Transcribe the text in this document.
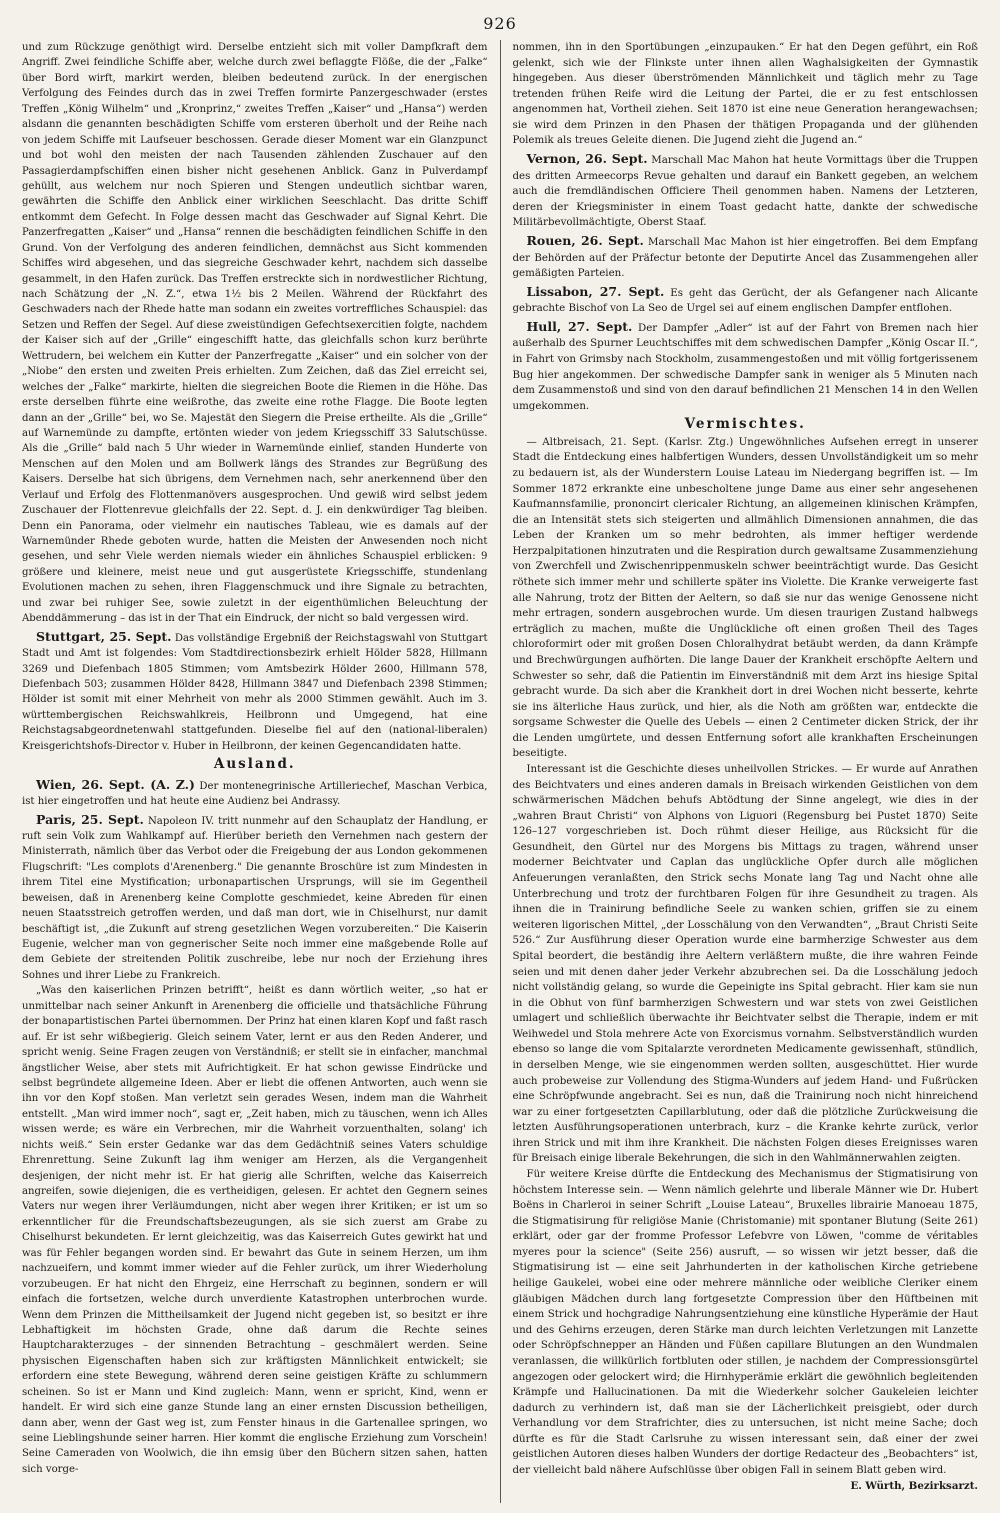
926

und zum Rückzuge genöthigt wird. Derselbe entzieht sich mit voller Dampfkraft dem Angriff. Zwei feindliche Schiffe aber, welche durch zwei beflaggte Flöße, die der „Falke“ über Bord wirft, markirt werden, bleiben bedeutend zurück. In der energischen Verfolgung des Feindes durch das in zwei Treffen formirte Panzergeschwader (erstes Treffen „König Wilhelm“ und „Kronprinz,“ zweites Treffen „Kaiser“ und „Hansa“) werden alsdann die genannten beschädigten Schiffe vom ersteren überholt und der Reihe nach von jedem Schiffe mit Laufseuer beschossen. Gerade dieser Moment war ein Glanzpunct und bot wohl den meisten der nach Tausenden zählenden Zuschauer auf den Passagierdampfschiffen einen bisher nicht gesehenen Anblick. Ganz in Pulverdampf gehüllt, aus welchem nur noch Spieren und Stengen undeutlich sichtbar waren, gewährten die Schiffe den Anblick einer wirklichen Seeschlacht. Das dritte Schiff entkommt dem Gefecht. In Folge dessen macht das Geschwader auf Signal Kehrt. Die Panzerfregatten „Kaiser“ und „Hansa“ rennen die beschädigten feindlichen Schiffe in den Grund. Von der Verfolgung des anderen feindlichen, demnächst aus Sicht kommenden Schiffes wird abgesehen, und das siegreiche Geschwader kehrt, nachdem sich dasselbe gesammelt, in den Hafen zurück. Das Treffen erstreckte sich in nordwestlicher Richtung, nach Schätzung der „N. Z.“, etwa 1½ bis 2 Meilen. Während der Rückfahrt des Geschwaders nach der Rhede hatte man sodann ein zweites vortreffliches Schauspiel: das Setzen und Reffen der Segel. Auf diese zweistündigen Gefechtsexercitien folgte, nachdem der Kaiser sich auf der „Grille“ eingeschifft hatte, das gleichfalls schon kurz berührte Wettrudern, bei welchem ein Kutter der Panzerfregatte „Kaiser“ und ein solcher von der „Niobe“ den ersten und zweiten Preis erhielten. Zum Zeichen, daß das Ziel erreicht sei, welches der „Falke“ markirte, hielten die siegreichen Boote die Riemen in die Höhe. Das erste derselben führte eine weißrothe, das zweite eine rothe Flagge. Die Boote legten dann an der „Grille“ bei, wo Se. Majestät den Siegern die Preise ertheilte. Als die „Grille“ auf Warnemünde zu dampfte, ertönten wieder von jedem Kriegsschiff 33 Salutschüsse. Als die „Grille“ bald nach 5 Uhr wieder in Warnemünde einlief, standen Hunderte von Menschen auf den Molen und am Bollwerk längs des Strandes zur Begrüßung des Kaisers. Derselbe hat sich übrigens, dem Vernehmen nach, sehr anerkennend über den Verlauf und Erfolg des Flottenmanövers ausgesprochen. Und gewiß wird selbst jedem Zuschauer der Flottenrevue gleichfalls der 22. Sept. d. J. ein denkwürdiger Tag bleiben. Denn ein Panorama, oder vielmehr ein nautisches Tableau, wie es damals auf der Warnemünder Rhede geboten wurde, hatten die Meisten der Anwesenden noch nicht gesehen, und sehr Viele werden niemals wieder ein ähnliches Schauspiel erblicken: 9 größere und kleinere, meist neue und gut ausgerüstete Kriegsschiffe, stundenlang Evolutionen machen zu sehen, ihren Flaggenschmuck und ihre Signale zu betrachten, und zwar bei ruhiger See, sowie zuletzt in der eigenthümlichen Beleuchtung der Abenddämmerung – das ist in der That ein Eindruck, der nicht so bald vergessen wird.

Stuttgart, 25. Sept. Das vollständige Ergebniß der Reichstagswahl von Stuttgart Stadt und Amt ist folgendes: Vom Stadtdirectionsbezirk erhielt Hölder 5828, Hillmann 3269 und Diefenbach 1805 Stimmen; vom Amtsbezirk Hölder 2600, Hillmann 578, Diefenbach 503; zusammen Hölder 8428, Hillmann 3847 und Diefenbach 2398 Stimmen; Hölder ist somit mit einer Mehrheit von mehr als 2000 Stimmen gewählt. Auch im 3. württembergischen Reichswahlkreis, Heilbronn und Umgegend, hat eine Reichstagsabgeordnetenwahl stattgefunden. Dieselbe fiel auf den (national-liberalen) Kreisgerichtshofs-Director v. Huber in Heilbronn, der keinen Gegencandidaten hatte.

Ausland.

Wien, 26. Sept. (A. Z.) Der montenegrinische Artilleriechef, Maschan Verbica, ist hier eingetroffen und hat heute eine Audienz bei Andrassy.

Paris, 25. Sept. Napoleon IV. tritt nunmehr auf den Schauplatz der Handlung, er ruft sein Volk zum Wahlkampf auf. Hierüber berieth den Vernehmen nach gestern der Ministerrath, nämlich über das Verbot oder die Freigebung der aus London gekommenen Flugschrift: "Les complots d'Arenenberg." Die genannte Broschüre ist zum Mindesten in ihrem Titel eine Mystification; urbonapartischen Ursprungs, will sie im Gegentheil beweisen, daß in Arenenberg keine Complotte geschmiedet, keine Abreden für einen neuen Staatsstreich getroffen werden, und daß man dort, wie in Chiselhurst, nur damit beschäftigt ist, „die Zukunft auf streng gesetzlichen Wegen vorzubereiten.“ Die Kaiserin Eugenie, welcher man von gegnerischer Seite noch immer eine maßgebende Rolle auf dem Gebiete der streitenden Politik zuschreibe, lebe nur noch der Erziehung ihres Sohnes und ihrer Liebe zu Frankreich.

„Was den kaiserlichen Prinzen betrifft“, heißt es dann wörtlich weiter, „so hat er unmittelbar nach seiner Ankunft in Arenenberg die officielle und thatsächliche Führung der bonapartistischen Partei übernommen. Der Prinz hat einen klaren Kopf und faßt rasch auf. Er ist sehr wißbegierig. Gleich seinem Vater, lernt er aus den Reden Anderer, und spricht wenig. Seine Fragen zeugen von Verständniß; er stellt sie in einfacher, manchmal ängstlicher Weise, aber stets mit Aufrichtigkeit. Er hat schon gewisse Eindrücke und selbst begründete allgemeine Ideen. Aber er liebt die offenen Antworten, auch wenn sie ihn vor den Kopf stoßen. Man verletzt sein gerades Wesen, indem man die Wahrheit entstellt. „Man wird immer noch“, sagt er, „Zeit haben, mich zu täuschen, wenn ich Alles wissen werde; es wäre ein Verbrechen, mir die Wahrheit vorzuenthalten, solang' ich nichts weiß.“ Sein erster Gedanke war das dem Gedächtniß seines Vaters schuldige Ehrenrettung. Seine Zukunft lag ihm weniger am Herzen, als die Vergangenheit desjenigen, der nicht mehr ist. Er hat gierig alle Schriften, welche das Kaiserreich angreifen, sowie diejenigen, die es vertheidigen, gelesen. Er achtet den Gegnern seines Vaters nur wegen ihrer Verläumdungen, nicht aber wegen ihrer Kritiken; er ist um so erkenntlicher für die Freundschaftsbezeugungen, als sie sich zuerst am Grabe zu Chiselhurst bekundeten. Er lernt gleichzeitig, was das Kaiserreich Gutes gewirkt hat und was für Fehler begangen worden sind. Er bewahrt das Gute in seinem Herzen, um ihm nachzueifern, und kommt immer wieder auf die Fehler zurück, um ihrer Wiederholung vorzubeugen. Er hat nicht den Ehrgeiz, eine Herrschaft zu beginnen, sondern er will einfach die fortsetzen, welche durch unverdiente Katastrophen unterbrochen wurde. Wenn dem Prinzen die Mittheilsamkeit der Jugend nicht gegeben ist, so besitzt er ihre Lebhaftigkeit im höchsten Grade, ohne daß darum die Rechte seines Hauptcharakterzuges – der sinnenden Betrachtung – geschmälert werden. Seine physischen Eigenschaften haben sich zur kräftigsten Männlichkeit entwickelt; sie erfordern eine stete Bewegung, während deren seine geistigen Kräfte zu schlummern scheinen. So ist er Mann und Kind zugleich: Mann, wenn er spricht, Kind, wenn er handelt. Er wird sich eine ganze Stunde lang an einer ernsten Discussion betheiligen, dann aber, wenn der Gast weg ist, zum Fenster hinaus in die Gartenallee springen, wo seine Lieblingshunde seiner harren. Hier kommt die englische Erziehung zum Vorschein! Seine Cameraden von Woolwich, die ihn emsig über den Büchern sitzen sahen, hatten sich vorge-

nommen, ihn in den Sportübungen „einzupauken.“ Er hat den Degen geführt, ein Roß gelenkt, sich wie der Flinkste unter ihnen allen Waghalsigkeiten der Gymnastik hingegeben. Aus dieser überströmenden Männlichkeit und täglich mehr zu Tage tretenden frühen Reife wird die Leitung der Partei, die er zu fest entschlossen angenommen hat, Vortheil ziehen. Seit 1870 ist eine neue Generation herangewachsen; sie wird dem Prinzen in den Phasen der thätigen Propaganda und der glühenden Polemik als treues Geleite dienen. Die Jugend zieht die Jugend an.“

Vernon, 26. Sept. Marschall Mac Mahon hat heute Vormittags über die Truppen des dritten Armeecorps Revue gehalten und darauf ein Bankett gegeben, an welchem auch die fremdländischen Officiere Theil genommen haben. Namens der Letzteren, deren der Kriegsminister in einem Toast gedacht hatte, dankte der schwedische Militärbevollmächtigte, Oberst Staaf.

Rouen, 26. Sept. Marschall Mac Mahon ist hier eingetroffen. Bei dem Empfang der Behörden auf der Präfectur betonte der Deputirte Ancel das Zusammengehen aller gemäßigten Parteien.

Lissabon, 27. Sept. Es geht das Gerücht, der als Gefangener nach Alicante gebrachte Bischof von La Seo de Urgel sei auf einem englischen Dampfer entflohen.

Hull, 27. Sept. Der Dampfer „Adler“ ist auf der Fahrt von Bremen nach hier außerhalb des Spurner Leuchtschiffes mit dem schwedischen Dampfer „König Oscar II.“, in Fahrt von Grimsby nach Stockholm, zusammengestoßen und mit völlig fortgerissenem Bug hier angekommen. Der schwedische Dampfer sank in weniger als 5 Minuten nach dem Zusammenstoß und sind von den darauf befindlichen 21 Menschen 14 in den Wellen umgekommen.

Vermischtes.

— Altbreisach, 21. Sept. (Karlsr. Ztg.) Ungewöhnliches Aufsehen erregt in unserer Stadt die Entdeckung eines halbfertigen Wunders, dessen Unvollständigkeit um so mehr zu bedauern ist, als der Wunderstern Louise Lateau im Niedergang begriffen ist. — Im Sommer 1872 erkrankte eine unbescholtene junge Dame aus einer sehr angesehenen Kaufmannsfamilie, prononcirt clericaler Richtung, an allgemeinen klinischen Krämpfen, die an Intensität stets sich steigerten und allmählich Dimensionen annahmen, die das Leben der Kranken um so mehr bedrohten, als immer heftiger werdende Herzpalpitationen hinzutraten und die Respiration durch gewaltsame Zusammenziehung von Zwerchfell und Zwischenrippenmuskeln schwer beeinträchtigt wurde. Das Gesicht röthete sich immer mehr und schillerte später ins Violette. Die Kranke verweigerte fast alle Nahrung, trotz der Bitten der Aeltern, so daß sie nur das wenige Genossene nicht mehr ertragen, sondern ausgebrochen wurde. Um diesen traurigen Zustand halbwegs erträglich zu machen, mußte die Unglückliche oft einen großen Theil des Tages chloroformirt oder mit großen Dosen Chloralhydrat betäubt werden, da dann Krämpfe und Brechwürgungen aufhörten. Die lange Dauer der Krankheit erschöpfte Aeltern und Schwester so sehr, daß die Patientin im Einverständniß mit dem Arzt ins hiesige Spital gebracht wurde. Da sich aber die Krankheit dort in drei Wochen nicht besserte, kehrte sie ins älterliche Haus zurück, und hier, als die Noth am größten war, entdeckte die sorgsame Schwester die Quelle des Uebels — einen 2 Centimeter dicken Strick, der ihr die Lenden umgürtete, und dessen Entfernung sofort alle krankhaften Erscheinungen beseitigte.

Interessant ist die Geschichte dieses unheilvollen Strickes. — Er wurde auf Anrathen des Beichtvaters und eines anderen damals in Breisach wirkenden Geistlichen von dem schwärmerischen Mädchen behufs Abtödtung der Sinne angelegt, wie dies in der „wahren Braut Christi“ von Alphons von Liguori (Regensburg bei Pustet 1870) Seite 126–127 vorgeschrieben ist. Doch rühmt dieser Heilige, aus Rücksicht für die Gesundheit, den Gürtel nur des Morgens bis Mittags zu tragen, während unser moderner Beichtvater und Caplan das unglückliche Opfer durch alle möglichen Anfeuerungen veranlaßten, den Strick sechs Monate lang Tag und Nacht ohne alle Unterbrechung und trotz der furchtbaren Folgen für ihre Gesundheit zu tragen. Als ihnen die in Trainirung befindliche Seele zu wanken schien, griffen sie zu einem weiteren ligorischen Mittel, „der Losschälung von den Verwandten“, „Braut Christi Seite 526.“ Zur Ausführung dieser Operation wurde eine barmherzige Schwester aus dem Spital beordert, die beständig ihre Aeltern verläßtern mußte, die ihre wahren Feinde seien und mit denen daher jeder Verkehr abzubrechen sei. Da die Losschälung jedoch nicht vollständig gelang, so wurde die Gepeinigte ins Spital gebracht. Hier kam sie nun in die Obhut von fünf barmherzigen Schwestern und war stets von zwei Geistlichen umlagert und schließlich überwachte ihr Beichtvater selbst die Therapie, indem er mit Weihwedel und Stola mehrere Acte von Exorcismus vornahm. Selbstverständlich wurden ebenso so lange die vom Spitalarzte verordneten Medicamente gewissenhaft, stündlich, in derselben Menge, wie sie eingenommen werden sollten, ausgeschüttet. Hier wurde auch probeweise zur Vollendung des Stigma-Wunders auf jedem Hand- und Fußrücken eine Schröpfwunde angebracht. Sei es nun, daß die Trainirung noch nicht hinreichend war zu einer fortgesetzten Capillarblutung, oder daß die plötzliche Zurückweisung die letzten Ausführungsoperationen unterbrach, kurz – die Kranke kehrte zurück, verlor ihren Strick und mit ihm ihre Krankheit. Die nächsten Folgen dieses Ereignisses waren für Breisach einige liberale Bekehrungen, die sich in den Wahlmännerwahlen zeigten.

Für weitere Kreise dürfte die Entdeckung des Mechanismus der Stigmatisirung von höchstem Interesse sein. — Wenn nämlich gelehrte und liberale Männer wie Dr. Hubert Boëns in Charleroi in seiner Schrift „Louise Lateau“, Bruxelles librairie Manoeau 1875, die Stigmatisirung für religiöse Manie (Christomanie) mit spontaner Blutung (Seite 261) erklärt, oder gar der fromme Professor Lefebvre von Löwen, "comme de véritables myeres pour la science" (Seite 256) ausruft, — so wissen wir jetzt besser, daß die Stigmatisirung ist — eine seit Jahrhunderten in der katholischen Kirche getriebene heilige Gaukelei, wobei eine oder mehrere männliche oder weibliche Cleriker einem gläubigen Mädchen durch lang fortgesetzte Compression über den Hüftbeinen mit einem Strick und hochgradige Nahrungsentziehung eine künstliche Hyperämie der Haut und des Gehirns erzeugen, deren Stärke man durch leichten Verletzungen mit Lanzette oder Schröpfschnepper an Händen und Füßen capillare Blutungen an den Wundmalen veranlassen, die willkürlich fortbluten oder stillen, je nachdem der Compressionsgürtel angezogen oder gelockert wird; die Hirnhyperämie erklärt die gewöhnlich begleitenden Krämpfe und Hallucinationen. Da mit die Wiederkehr solcher Gaukeleien leichter dadurch zu verhindern ist, daß man sie der Lächerlichkeit preisgiebt, oder durch Verhandlung vor dem Strafrichter, dies zu untersuchen, ist nicht meine Sache; doch dürfte es für die Stadt Carlsruhe zu wissen interessant sein, daß einer der zwei geistlichen Autoren dieses halben Wunders der dortige Redacteur des „Beobachters“ ist, der vielleicht bald nähere Aufschlüsse über obigen Fall in seinem Blatt geben wird.

E. Würth, Bezirksarzt.
